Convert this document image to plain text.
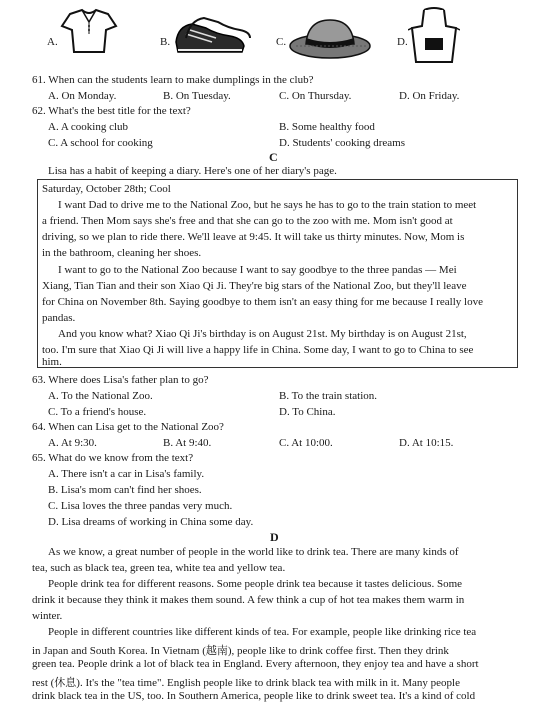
A.	B.	C.	D.
61. When can the students learn to make dumplings in the club?
A. On Monday.	B. On Tuesday.	C. On Thursday.	D. On Friday.
62. What's the best title for the text?
A. A cooking club	B. Some healthy food
C. A school for cooking	D. Students' cooking dreams
C
Lisa has a habit of keeping a diary. Here's one of her diary's page.
Saturday, October 28th; Cool
I want Dad to drive me to the National Zoo, but he says he has to go to the train station to meet
a friend. Then Mom says she's free and that she can go to the zoo with me. Mom isn't good at
driving, so we plan to ride there. We'll leave at 9:45. It will take us thirty minutes. Now, Mom is
in the bathroom, cleaning her shoes.
I want to go to the National Zoo because I want to say goodbye to the three pandas — Mei
Xiang, Tian Tian and their son Xiao Qi Ji. They're big stars of the National Zoo, but they'll leave
for China on November 8th. Saying goodbye to them isn't an easy thing for me because I really love
pandas.
And you know what? Xiao Qi Ji's birthday is on August 21st. My birthday is on August 21st,
too. I'm sure that Xiao Qi Ji will live a happy life in China. Some day, I want to go to China to see
him.
63. Where does Lisa's father plan to go?
A. To the National Zoo.	B. To the train station.
C. To a friend's house.	D. To China.
64. When can Lisa get to the National Zoo?
A. At 9:30.	B. At 9:40.	C. At 10:00.	D. At 10:15.
65. What do we know from the text?
A. There isn't a car in Lisa's family.
B. Lisa's mom can't find her shoes.
C. Lisa loves the three pandas very much.
D. Lisa dreams of working in China some day.
D
As we know, a great number of people in the world like to drink tea. There are many kinds of
tea, such as black tea, green tea, white tea and yellow tea.
People drink tea for different reasons. Some people drink tea because it tastes delicious. Some
drink it because they think it makes them sound. A few think a cup of hot tea makes them warm in
winter.
People in different countries like different kinds of tea. For example, people like drinking rice tea
in Japan and South Korea. In Vietnam (越南), people like to drink coffee first. Then they drink
green tea. People drink a lot of black tea in England. Every afternoon, they enjoy tea and have a short
rest (休息). It's the "tea time". English people like to drink black tea with milk in it. Many people
drink black tea in the US, too. In Southern America, people like to drink sweet tea. It's a kind of cold
